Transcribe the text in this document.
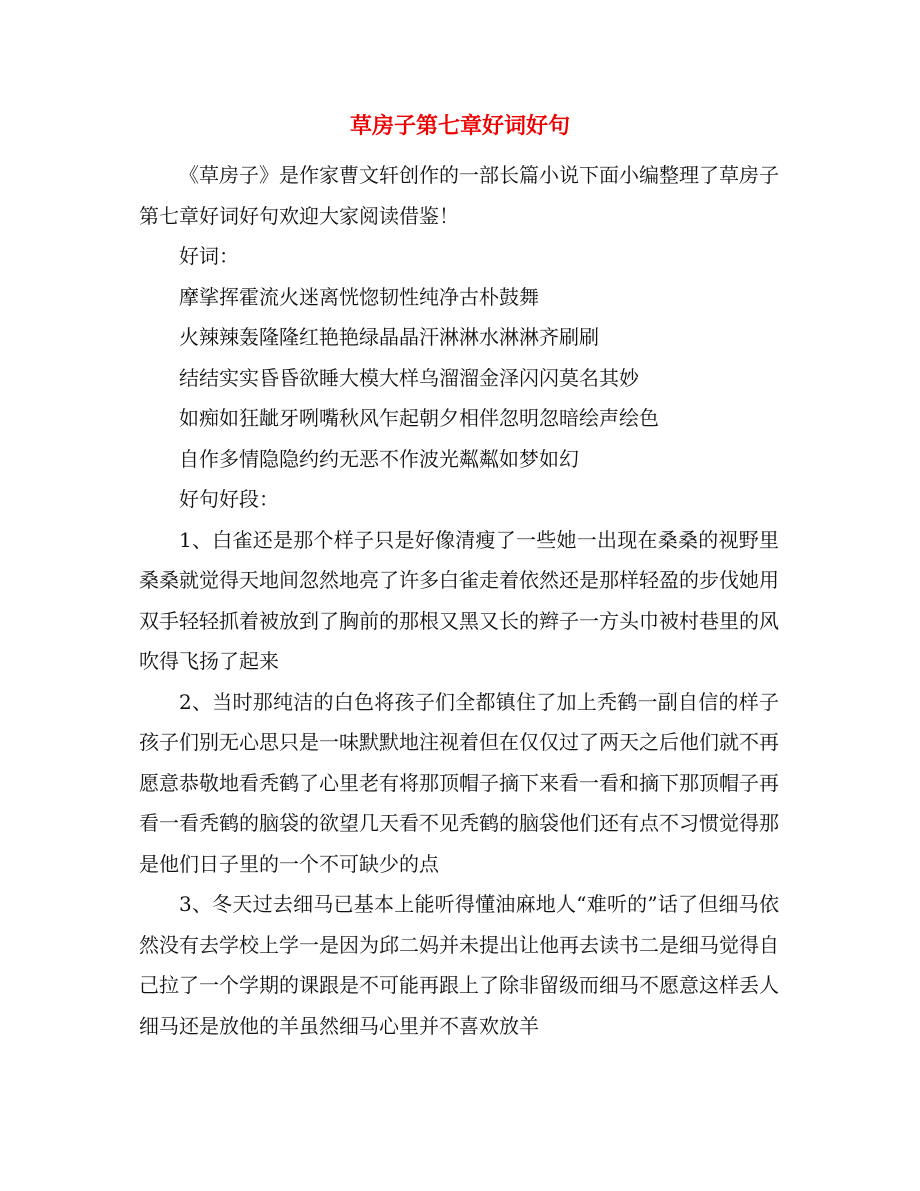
草房子第七章好词好句

《草房子》是作家曹文轩创作的一部长篇小说下面小编整理了草房子第七章好词好句欢迎大家阅读借鉴！

好词：

摩挲挥霍流火迷离恍惚韧性纯净古朴鼓舞

火辣辣轰隆隆红艳艳绿晶晶汗淋淋水淋淋齐刷刷

结结实实昏昏欲睡大模大样乌溜溜金泽闪闪莫名其妙

如痴如狂龇牙咧嘴秋风乍起朝夕相伴忽明忽暗绘声绘色

自作多情隐隐约约无恶不作波光粼粼如梦如幻

好句好段：

1、白雀还是那个样子只是好像清瘦了一些她一出现在桑桑的视野里桑桑就觉得天地间忽然地亮了许多白雀走着依然还是那样轻盈的步伐她用双手轻轻抓着被放到了胸前的那根又黑又长的辫子一方头巾被村巷里的风吹得飞扬了起来

2、当时那纯洁的白色将孩子们全都镇住了加上秃鹤一副自信的样子孩子们别无心思只是一味默默地注视着但在仅仅过了两天之后他们就不再愿意恭敬地看秃鹤了心里老有将那顶帽子摘下来看一看和摘下那顶帽子再看一看秃鹤的脑袋的欲望几天看不见秃鹤的脑袋他们还有点不习惯觉得那是他们日子里的一个不可缺少的点

3、冬天过去细马已基本上能听得懂油麻地人“难听的”话了但细马依然没有去学校上学一是因为邱二妈并未提出让他再去读书二是细马觉得自己拉了一个学期的课跟是不可能再跟上了除非留级而细马不愿意这样丢人细马还是放他的羊虽然细马心里并不喜欢放羊
